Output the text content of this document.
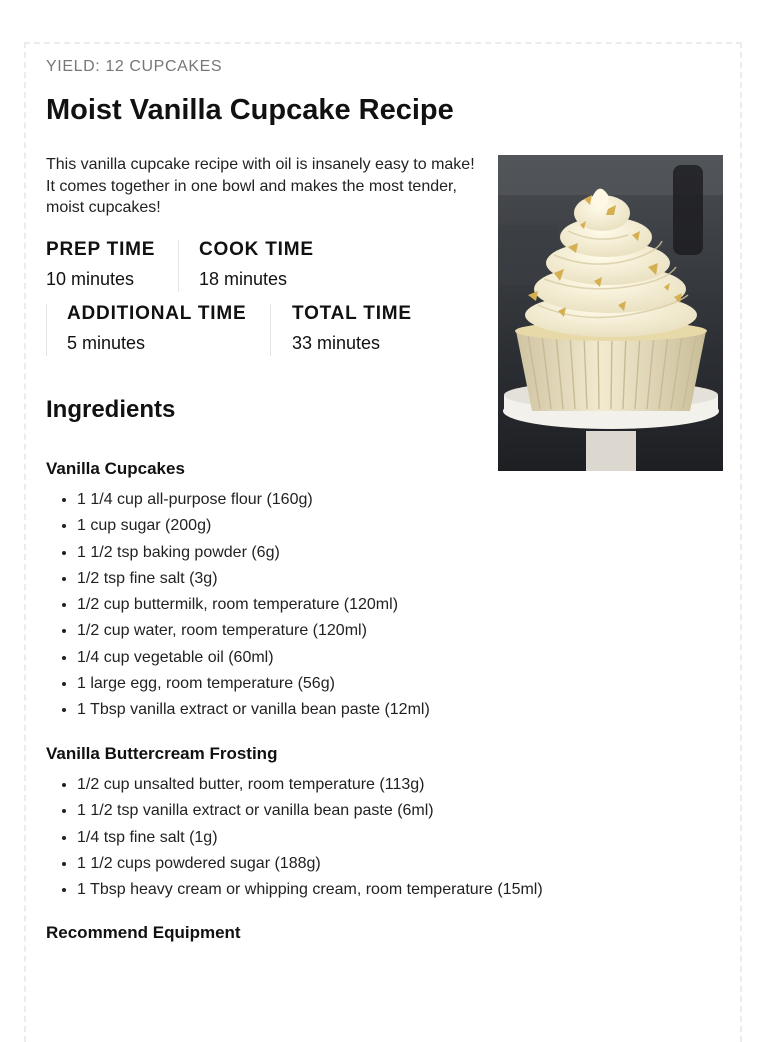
YIELD: 12 CUPCAKES
Moist Vanilla Cupcake Recipe
This vanilla cupcake recipe with oil is insanely easy to make! It comes together in one bowl and makes the most tender, moist cupcakes!
PREP TIME
10 minutes
COOK TIME
18 minutes
ADDITIONAL TIME
5 minutes
TOTAL TIME
33 minutes
Ingredients
Vanilla Cupcakes
• 1 1/4 cup all-purpose flour (160g)
• 1 cup sugar (200g)
• 1 1/2 tsp baking powder (6g)
• 1/2 tsp fine salt (3g)
• 1/2 cup buttermilk, room temperature (120ml)
• 1/2 cup water, room temperature (120ml)
• 1/4 cup vegetable oil (60ml)
• 1 large egg, room temperature (56g)
• 1 Tbsp vanilla extract or vanilla bean paste (12ml)
Vanilla Buttercream Frosting
• 1/2 cup unsalted butter, room temperature (113g)
• 1 1/2 tsp vanilla extract or vanilla bean paste (6ml)
• 1/4 tsp fine salt (1g)
• 1 1/2 cups powdered sugar (188g)
• 1 Tbsp heavy cream or whipping cream, room temperature (15ml)
Recommend Equipment
